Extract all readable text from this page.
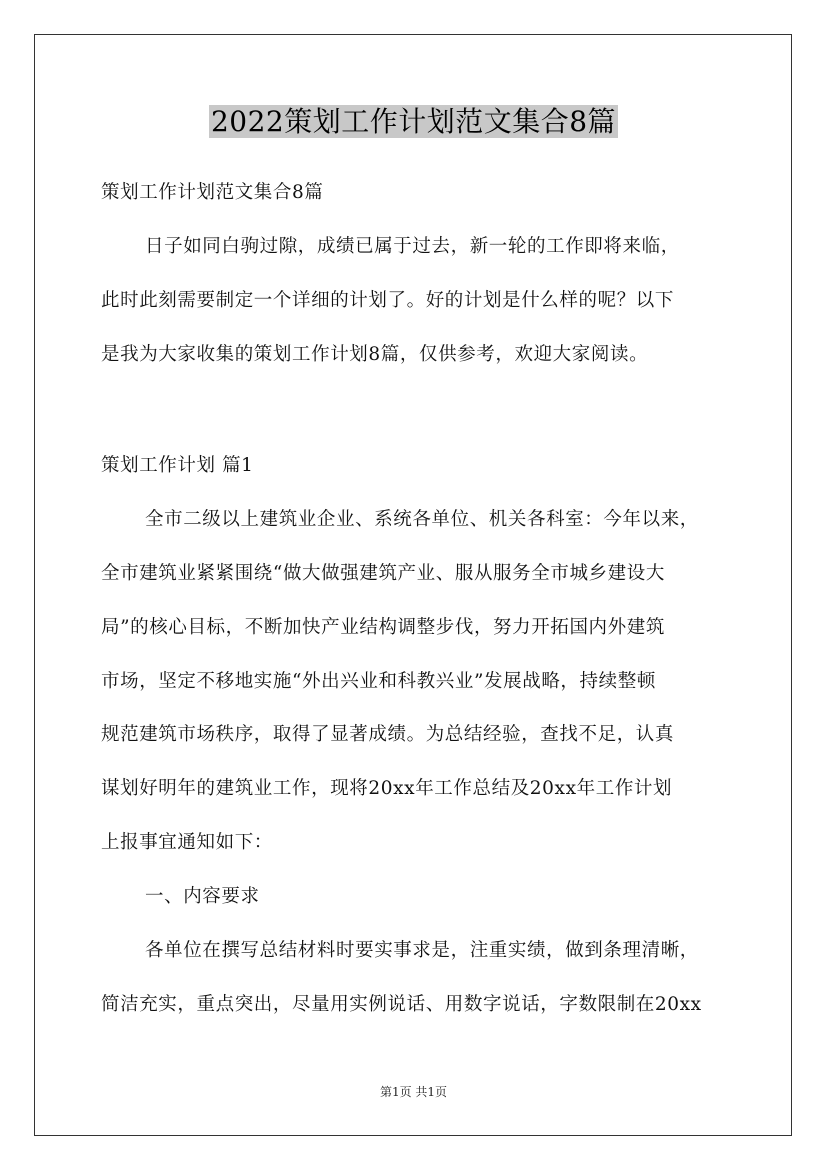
2022策划工作计划范文集合8篇
策划工作计划范文集合8篇
日子如同白驹过隙，成绩已属于过去，新一轮的工作即将来临，
此时此刻需要制定一个详细的计划了。好的计划是什么样的呢？以下
是我为大家收集的策划工作计划8篇，仅供参考，欢迎大家阅读。
策划工作计划 篇1
全市二级以上建筑业企业、系统各单位、机关各科室：今年以来，
全市建筑业紧紧围绕“做大做强建筑产业、服从服务全市城乡建设大
局”的核心目标，不断加快产业结构调整步伐，努力开拓国内外建筑
市场，坚定不移地实施“外出兴业和科教兴业”发展战略，持续整顿
规范建筑市场秩序，取得了显著成绩。为总结经验，查找不足，认真
谋划好明年的建筑业工作，现将20xx年工作总结及20xx年工作计划
上报事宜通知如下：
一、内容要求
各单位在撰写总结材料时要实事求是，注重实绩，做到条理清晰，
简洁充实，重点突出，尽量用实例说话、用数字说话，字数限制在20xx
第1页 共1页
